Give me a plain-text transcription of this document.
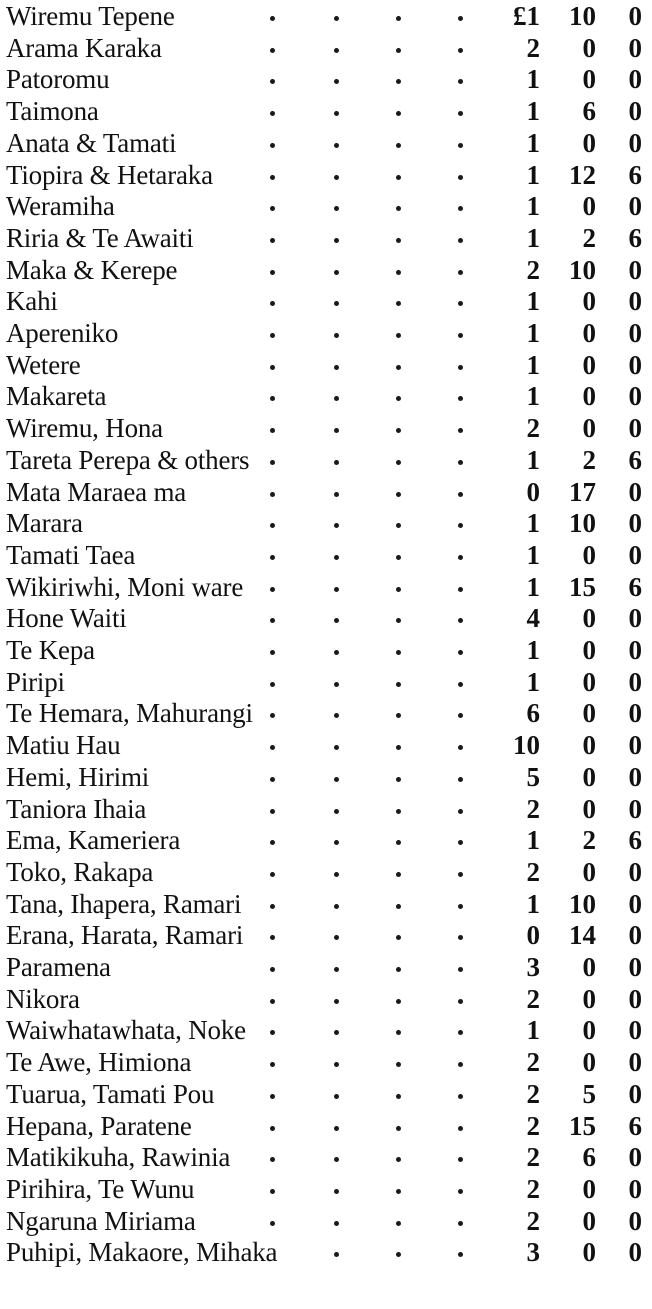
Wiremu Tepene	£1	10	0
Arama Karaka	2	0	0
Patoromu	1	0	0
Taimona	1	6	0
Anata & Tamati	1	0	0
Tiopira & Hetaraka	1	12	6
Weramiha	1	0	0
Riria & Te Awaiti	1	2	6
Maka & Kerepe	2	10	0
Kahi	1	0	0
Apereniko	1	0	0
Wetere	1	0	0
Makareta	1	0	0
Wiremu, Hona	2	0	0
Tareta Perepa & others	1	2	6
Mata Maraea ma	0	17	0
Marara	1	10	0
Tamati Taea	1	0	0
Wikiriwhi, Moni ware	1	15	6
Hone Waiti	4	0	0
Te Kepa	1	0	0
Piripi	1	0	0
Te Hemara, Mahurangi	6	0	0
Matiu Hau	10	0	0
Hemi, Hirimi	5	0	0
Taniora Ihaia	2	0	0
Ema, Kameriera	1	2	6
Toko, Rakapa	2	0	0
Tana, Ihapera, Ramari	1	10	0
Erana, Harata, Ramari	0	14	0
Paramena	3	0	0
Nikora	2	0	0
Waiwhatawhata, Noke	1	0	0
Te Awe, Himiona	2	0	0
Tuarua, Tamati Pou	2	5	0
Hepana, Paratene	2	15	6
Matikikuha, Rawinia	2	6	0
Pirihira, Te Wunu	2	0	0
Ngaruna Miriama	2	0	0
Puhipi, Makaore, Mihaka	3	0	0
